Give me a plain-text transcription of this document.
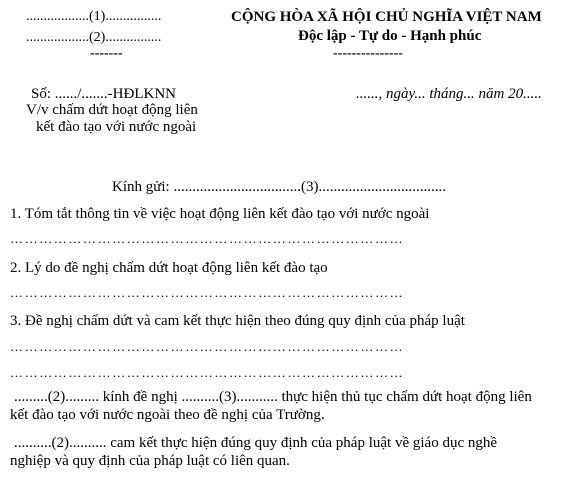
..................(1)................
..................(2)................
-------
CỘNG HÒA XÃ HỘI CHỦ NGHĨA VIỆT NAM
Độc lập - Tự do - Hạnh phúc
---------------
Số: ....../.......-HĐLKNN	......, ngày... tháng... năm 20.....
V/v chấm dứt hoạt động liên
kết đào tạo với nước ngoài
Kính gửi: ..................................(3)..................................
1. Tóm tắt thông tin về việc hoạt động liên kết đào tạo với nước ngoài
………………………………………………………………………
2. Lý do đề nghị chấm dứt hoạt động liên kết đào tạo
………………………………………………………………………
3. Đề nghị chấm dứt và cam kết thực hiện theo đúng quy định của pháp luật
………………………………………………………………………
………………………………………………………………………
.........(2)......... kính đề nghị ..........(3)........... thực hiện thủ tục chấm dứt hoạt động liên
kết đào tạo với nước ngoài theo đề nghị của Trường.
..........(2).......... cam kết thực hiện đúng quy định của pháp luật về giáo dục nghề
nghiệp và quy định của pháp luật có liên quan.
